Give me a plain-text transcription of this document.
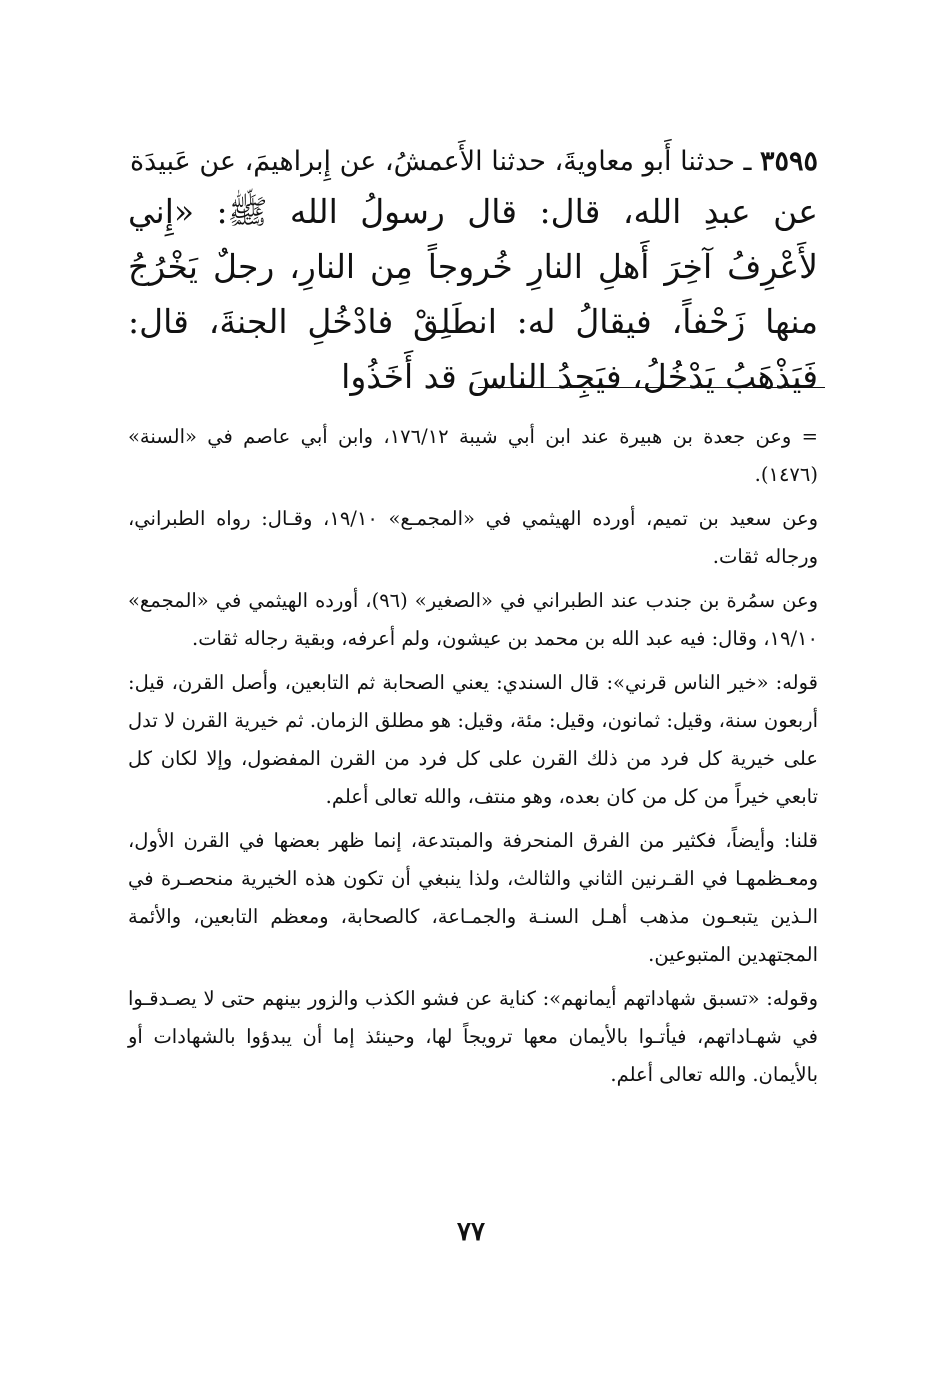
٣٥٩٥ ـ حدثنا أَبو معاويةَ، حدثنا الأَعمشُ، عن إِبراهيمَ، عن عَبيدَة

عن عبدِ الله، قال: قال رسولُ الله ﷺ: «إِني لأَعْرِفُ آخِرَ أَهلِ النارِ خُروجاً مِن النارِ، رجلٌ يَخْرُجُ منها زَحْفاً، فيقالُ له: انطَلِقْ فادْخُلِ الجنةَ، قال: فَيَذْهَبُ يَدْخُلُ، فيَجِدُ الناسَ قد أَخَذُوا

= وعن جعدة بن هبيرة عند ابن أبي شيبة ١٧٦/١٢، وابن أبي عاصم في «السنة» (١٤٧٦).

وعن سعيد بن تميم، أورده الهيثمي في «المجمـع» ١٩/١٠، وقـال: رواه الطبراني، ورجاله ثقات.

وعن سمُرة بن جندب عند الطبراني في «الصغير» (٩٦)، أورده الهيثمي في «المجمع» ١٩/١٠، وقال: فيه عبد الله بن محمد بن عيشون، ولم أعرفه، وبقية رجاله ثقات.

قوله: «خير الناس قرني»: قال السندي: يعني الصحابة ثم التابعين، وأصل القرن، قيل: أربعون سنة، وقيل: ثمانون، وقيل: مئة، وقيل: هو مطلق الزمان. ثم خيرية القرن لا تدل على خيرية كل فرد من ذلك القرن على كل فرد من القرن المفضول، وإلا لكان كل تابعي خيراً من كل من كان بعده، وهو منتف، والله تعالى أعلم.

قلنا: وأيضاً، فكثير من الفرق المنحرفة والمبتدعة، إنما ظهر بعضها في القرن الأول، ومعـظمهـا في القـرنين الثاني والثالث، ولذا ينبغي أن تكون هذه الخيرية منحصـرة في الـذين يتبعـون مذهب أهـل السنـة والجمـاعة، كالصحابة، ومعظم التابعين، والأئمة المجتهدين المتبوعين.

وقوله: «تسبق شهاداتهم أيمانهم»: كناية عن فشو الكذب والزور بينهم حتى لا يصـدقـوا في شهـاداتهم، فيأتـوا بالأيمان معها ترويجاً لها، وحينئذ إما أن يبدؤوا بالشهادات أو بالأيمان. والله تعالى أعلم.

٧٧
